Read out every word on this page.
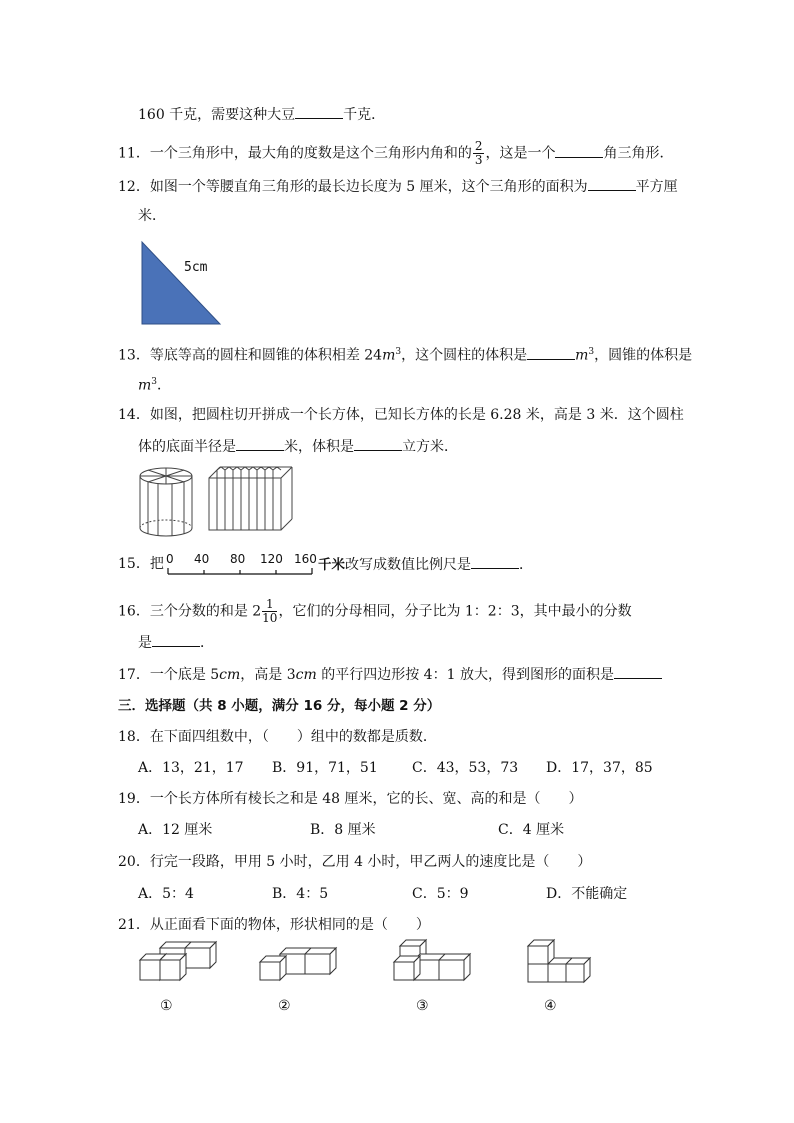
160 千克，需要这种大豆	千克．
11．一个三角形中，最大角的度数是这个三角形内角和的 $\frac{2}{3}$ ，这是一个	角三角形．
12．如图一个等腰直角三角形的最长边长度为 5 厘米，这个三角形的面积为	平方厘
米．
5cm
13．等底等高的圆柱和圆锥的体积相差 $24m^3$，这个圆柱的体积是	$m^3$，圆锥的体积是
$m^3$．
14．如图，把圆柱切开拼成一个长方体，已知长方体的长是 6.28 米，高是 3 米．这个圆柱
体的底面半径是	米，体积是	立方米．
15．把 0 40 80 120 160 千米改写成数值比例尺是	．
16．三个分数的和是 $2 \frac{1}{10}$ ，它们的分母相同，分子比为 1：2：3，其中最小的分数
是	．
17．一个底是 5cm，高是 3cm 的平行四边形按 4：1 放大，得到图形的面积是
三．选择题（共 8 小题，满分 16 分，每小题 2 分）
18．在下面四组数中，（　　）组中的数都是质数．
A．13，21，17 B．91，71，51 C．43，53，73 D．17，37，85
19．一个长方体所有棱长之和是 48 厘米，它的长、宽、高的和是（　　）
A．12 厘米	B．8 厘米	C．4 厘米
20．行完一段路，甲用 5 小时，乙用 4 小时，甲乙两人的速度比是（　　）
A．5：4	B．4：5	C．5：9	D．不能确定
21．从正面看下面的物体，形状相同的是（　　）
①	②	③	④
